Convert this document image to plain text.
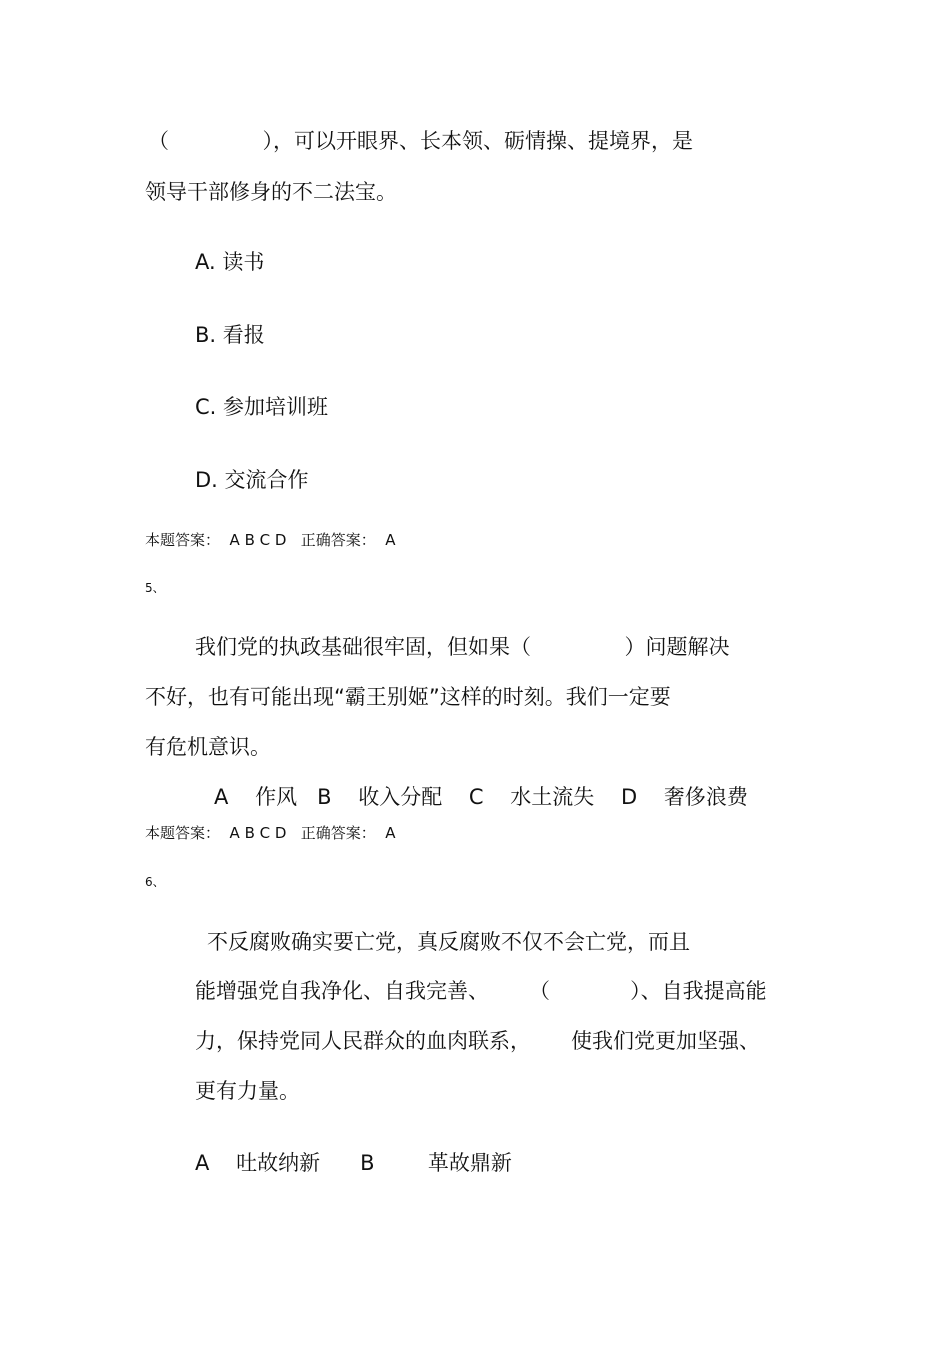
（              ），可以开眼界、长本领、砺情操、提境界，是
领导干部修身的不二法宝。
A. 读书
B. 看报
C. 参加培训班
D. 交流合作
本题答案：  A B C D   正确答案：  A
5、
我们党的执政基础很牢固，但如果（              ）问题解决
不好，也有可能出现“霸王别姬”这样的时刻。我们一定要
有危机意识。
A    作风   B    收入分配    C    水土流失    D    奢侈浪费
本题答案：  A B C D   正确答案：  A
6、
不反腐败确实要亡党，真反腐败不仅不会亡党，而且
能增强党自我净化、自我完善、      （            ）、自我提高能
力，保持党同人民群众的血肉联系，      使我们党更加坚强、
更有力量。
A    吐故纳新      B        革故鼎新
